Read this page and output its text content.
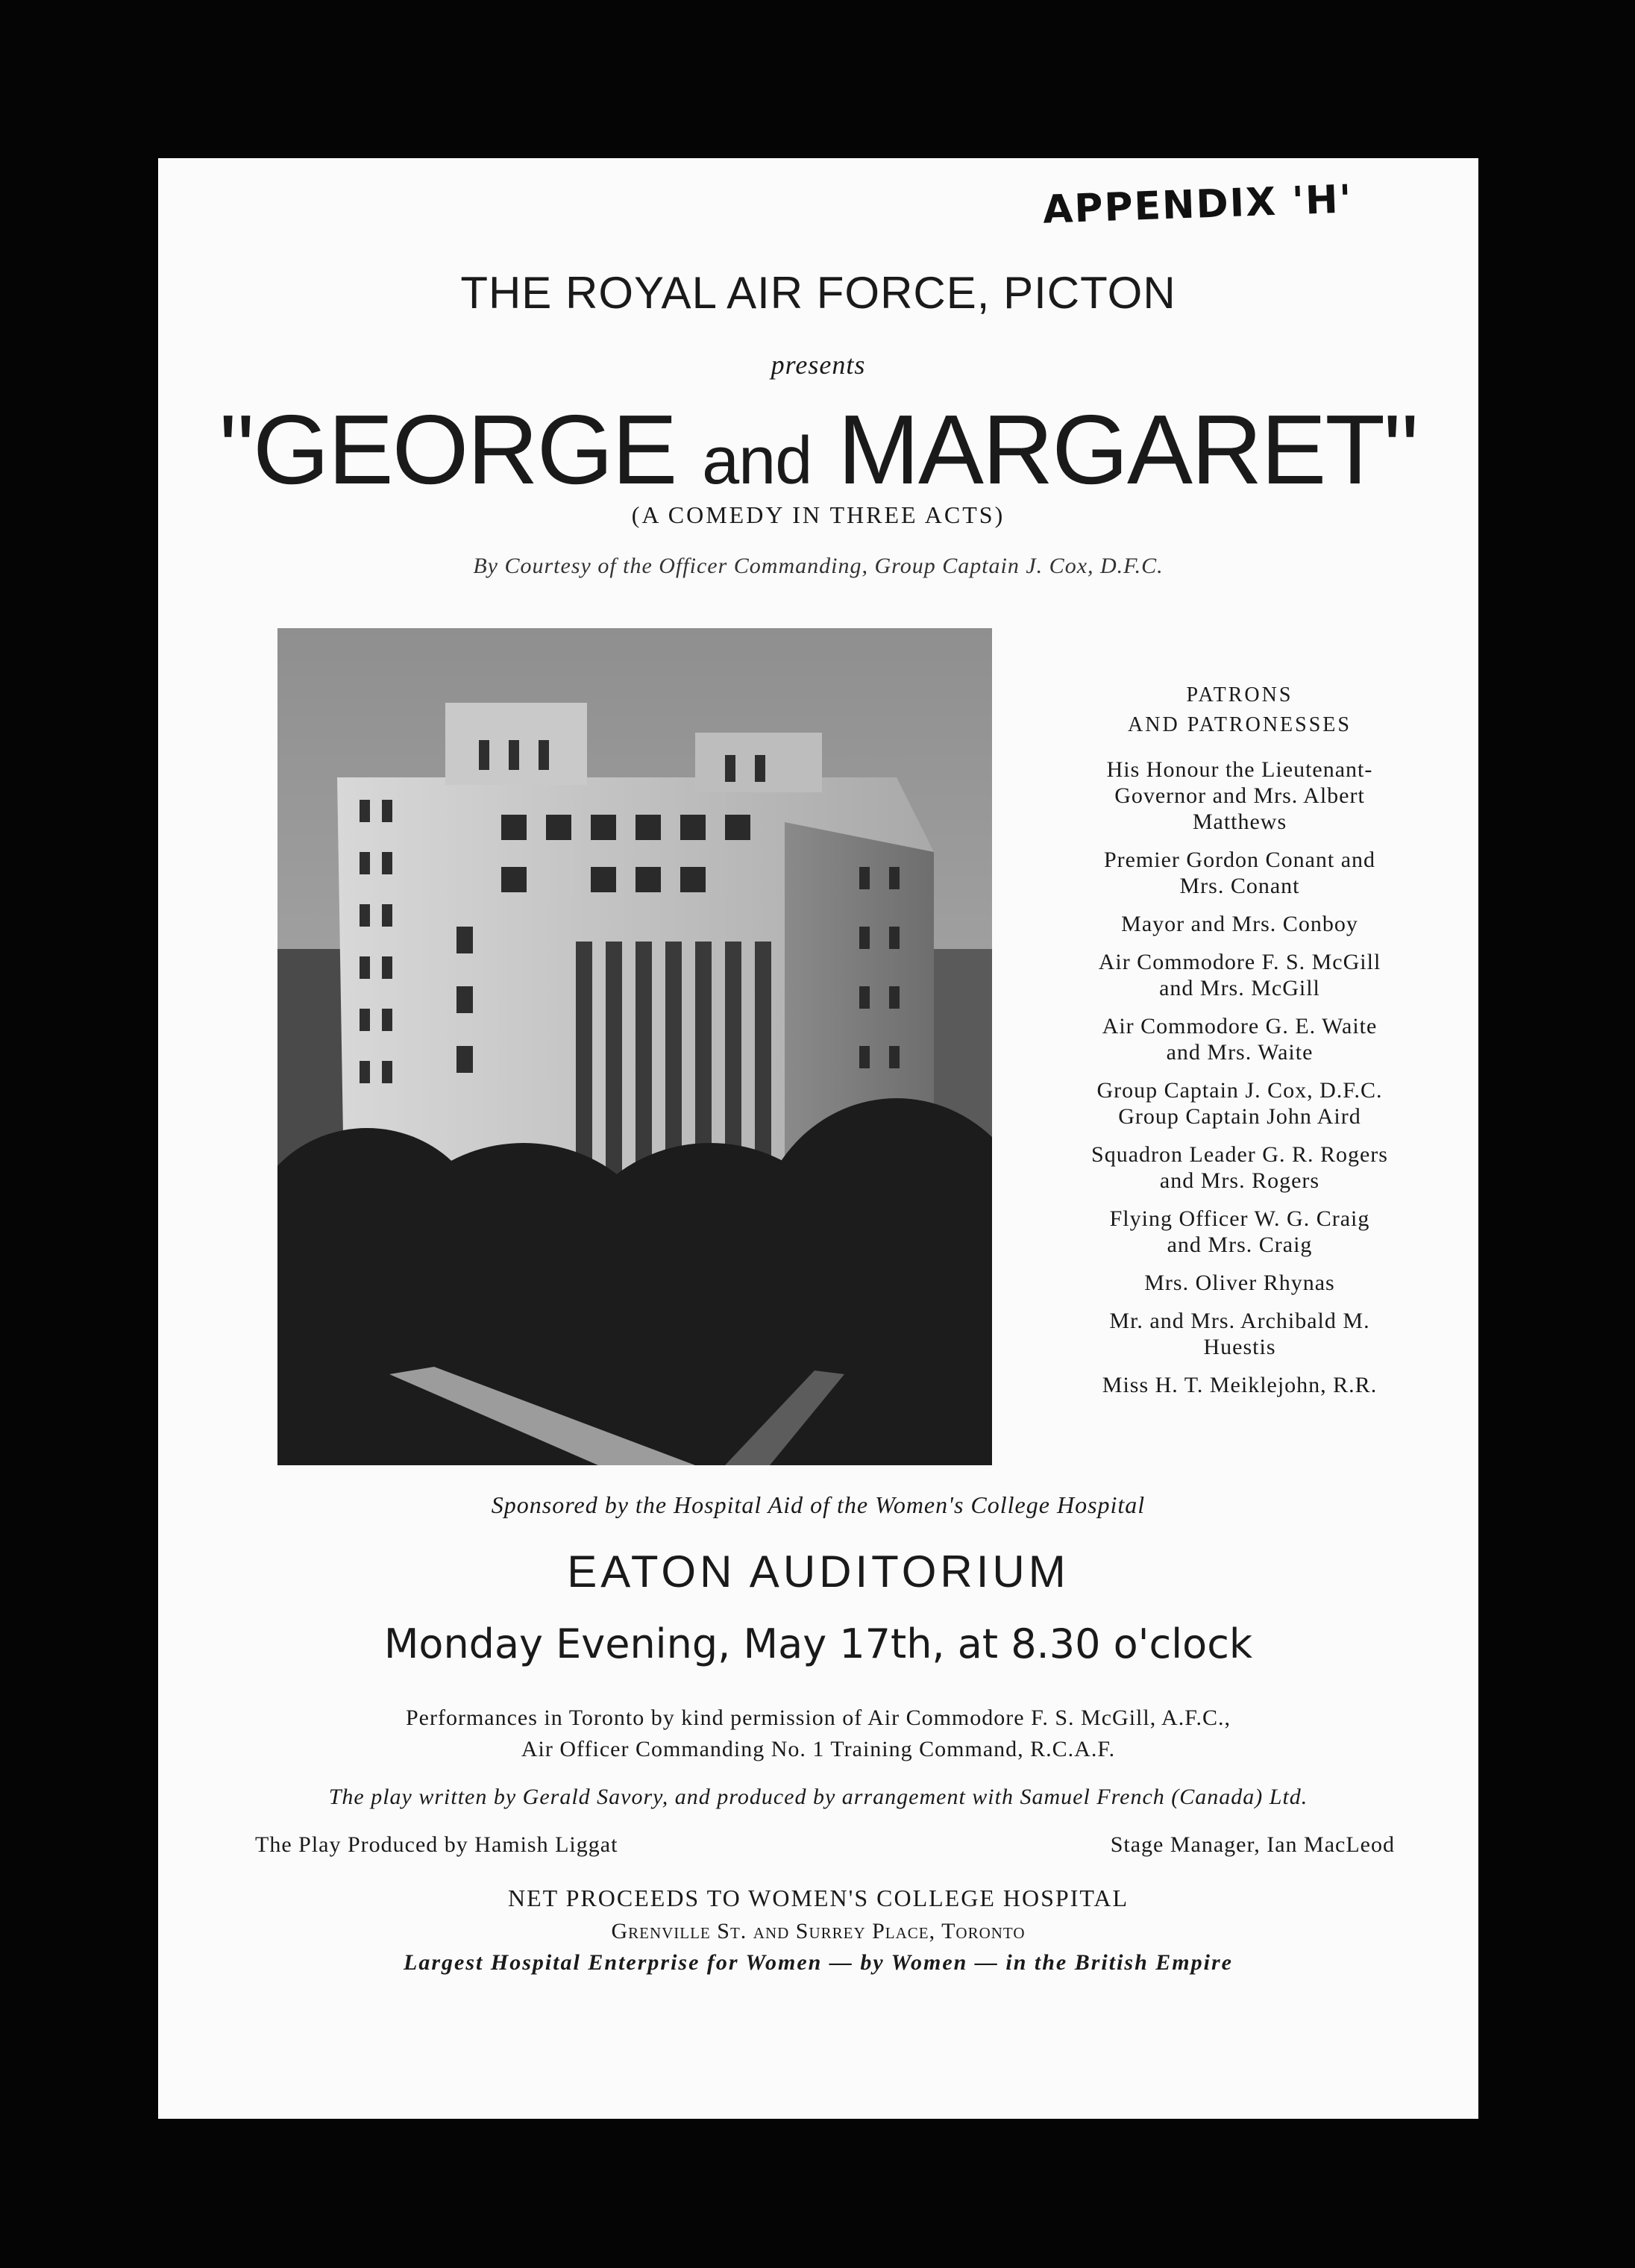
APPENDIX 'H'
THE ROYAL AIR FORCE, PICTON
presents
"GEORGE and MARGARET"
(A COMEDY IN THREE ACTS)
By Courtesy of the Officer Commanding, Group Captain J. Cox, D.F.C.
PATRONS
AND PATRONESSES
His Honour the Lieutenant-
Governor and Mrs. Albert
Matthews
Premier Gordon Conant and
Mrs. Conant
Mayor and Mrs. Conboy
Air Commodore F. S. McGill
and Mrs. McGill
Air Commodore G. E. Waite
and Mrs. Waite
Group Captain J. Cox, D.F.C.
Group Captain John Aird
Squadron Leader G. R. Rogers
and Mrs. Rogers
Flying Officer W. G. Craig
and Mrs. Craig
Mrs. Oliver Rhynas
Mr. and Mrs. Archibald M.
Huestis
Miss H. T. Meiklejohn, R.R.
Sponsored by the Hospital Aid of the Women's College Hospital
EATON AUDITORIUM
Monday Evening, May 17th, at 8.30 o'clock
Performances in Toronto by kind permission of Air Commodore F. S. McGill, A.F.C.,
Air Officer Commanding No. 1 Training Command, R.C.A.F.
The play written by Gerald Savory, and produced by arrangement with Samuel French (Canada) Ltd.
The Play Produced by Hamish Liggat	Stage Manager, Ian MacLeod
NET PROCEEDS TO WOMEN'S COLLEGE HOSPITAL
Grenville St. and Surrey Place, Toronto
Largest Hospital Enterprise for Women — by Women — in the British Empire
